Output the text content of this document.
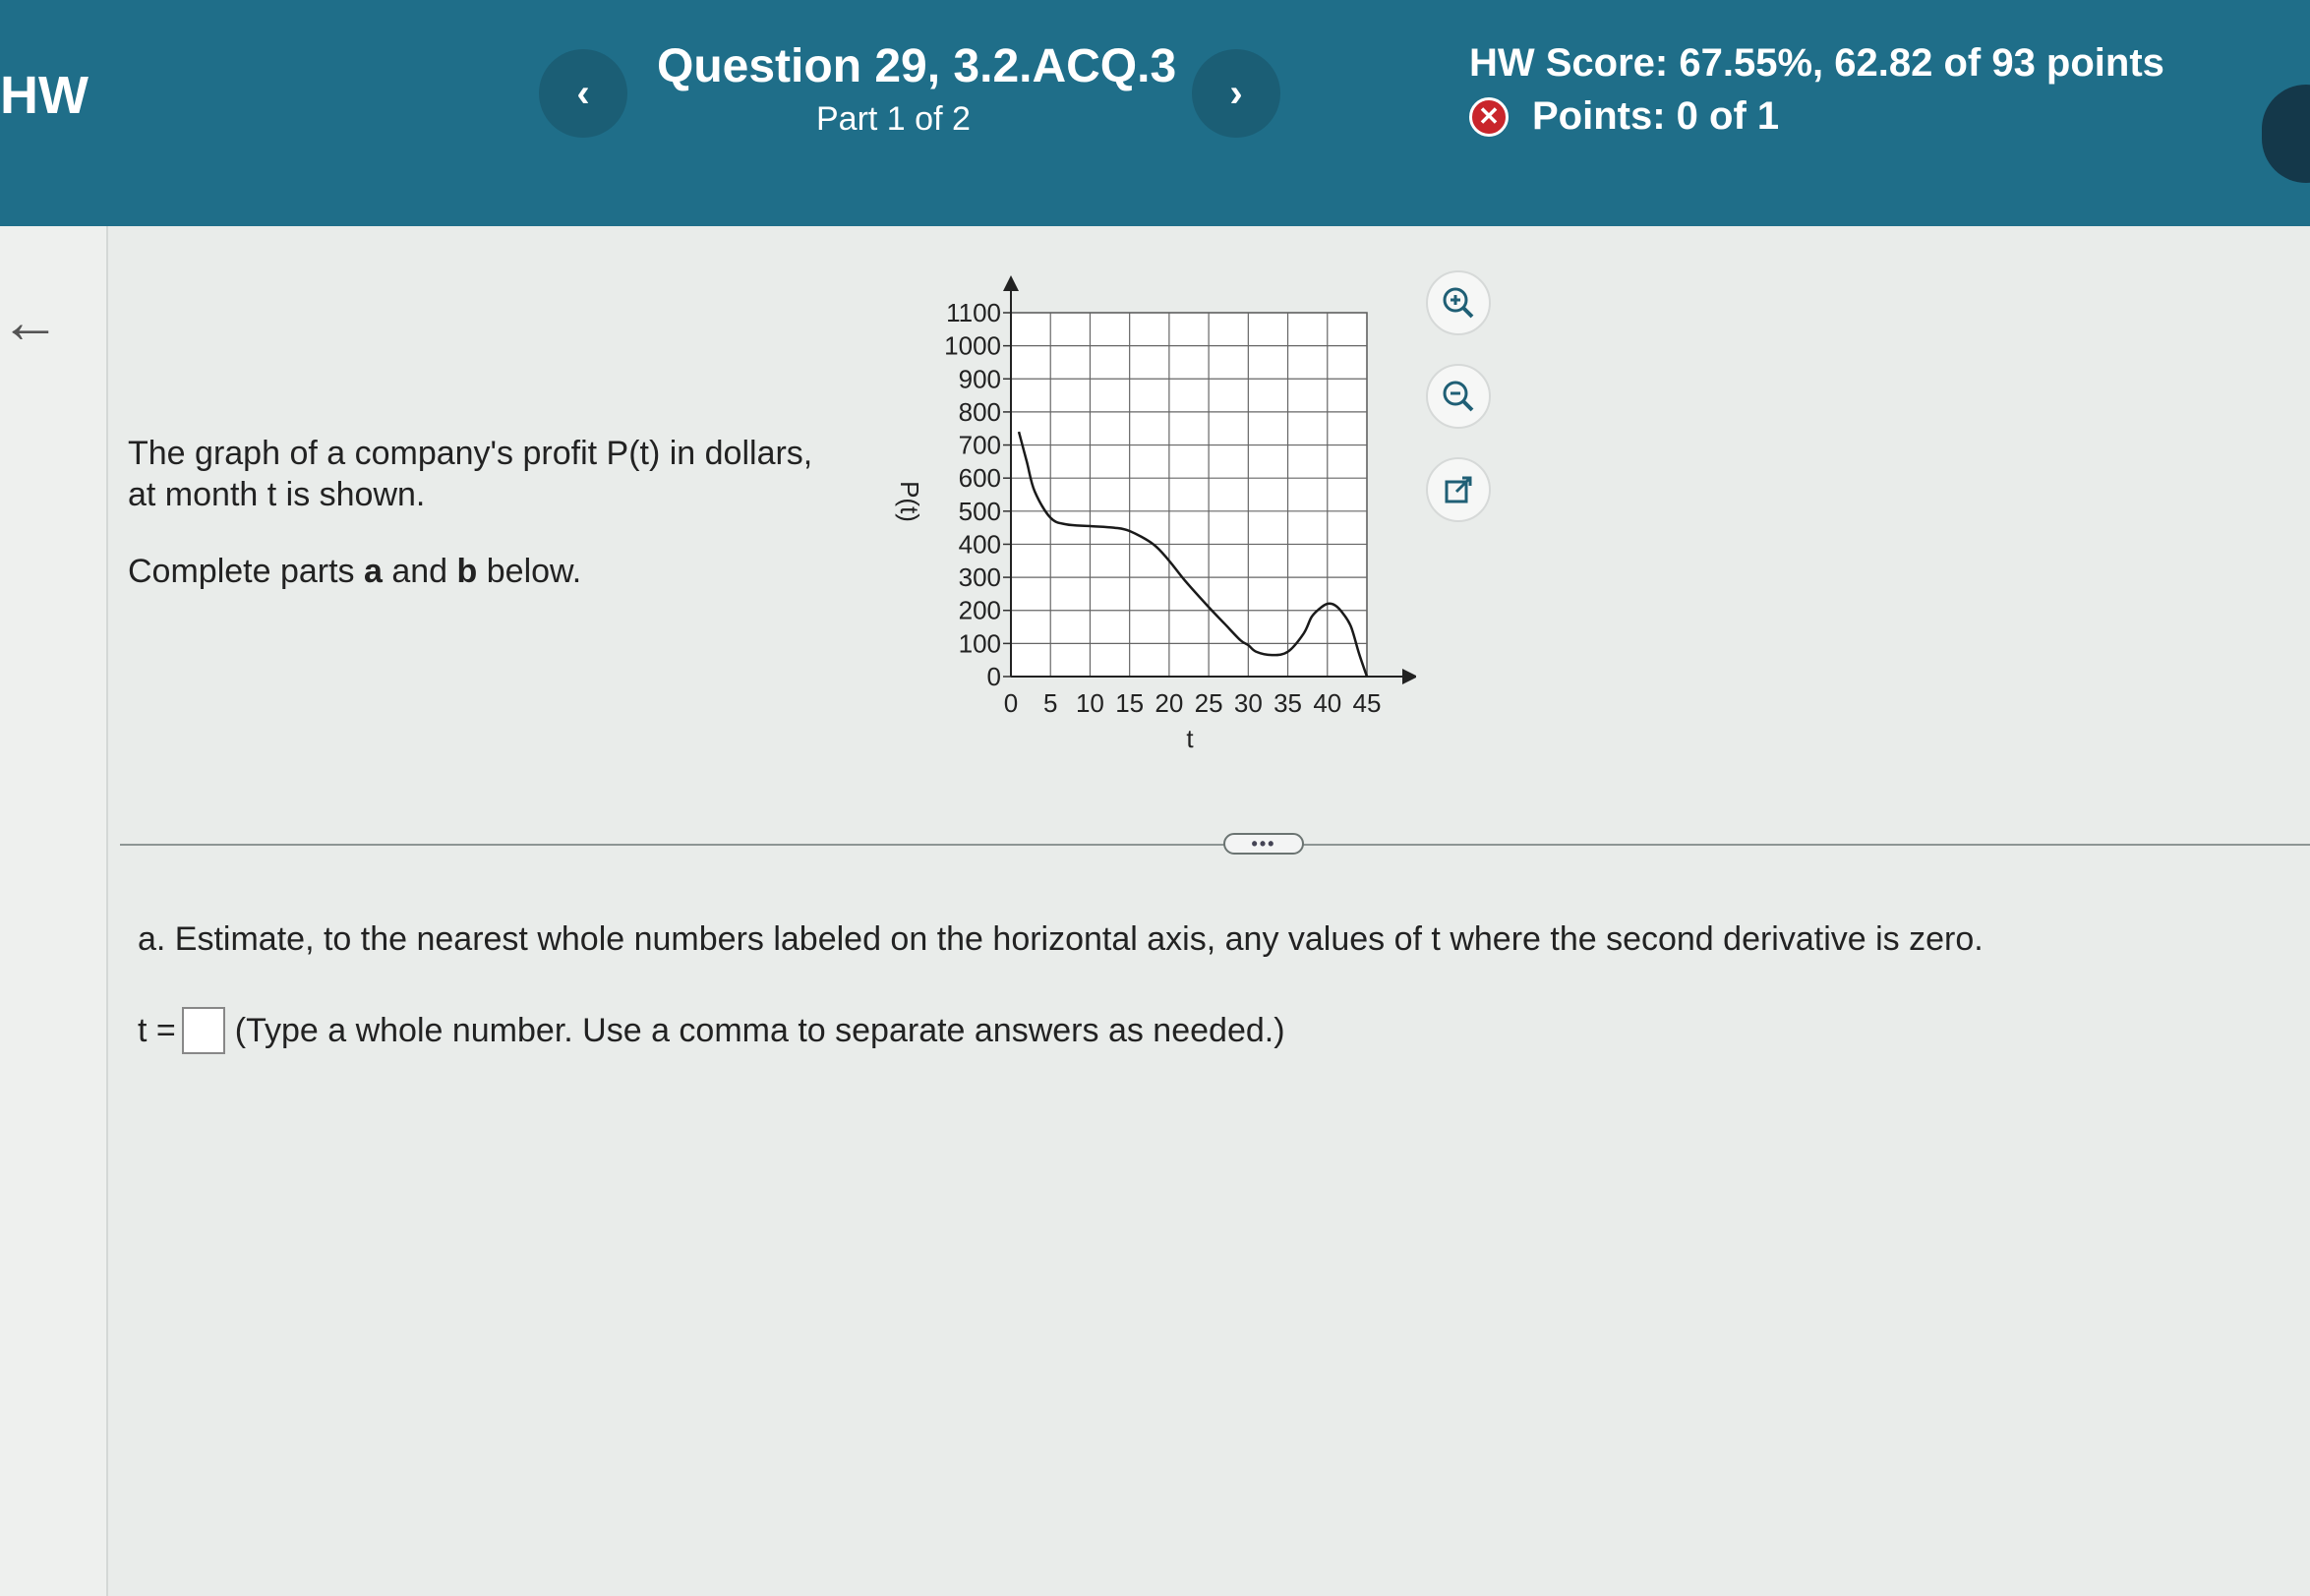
HW	‹
Question 29, 3.2.ACQ.3
Part 1 of 2
›
HW Score: 67.55%, 62.82 of 93 points
✕ Points: 0 of 1
←
The graph of a company's profit P(t) in dollars,
at month t is shown.
Complete parts a and b below.
0 5 10 15 20 25 30 35 40 45
0
100
200
300
400
500
600
700
800
900
1000
1100
P(t)
t
•••
a. Estimate, to the nearest whole numbers labeled on the horizontal axis, any values of t where the second derivative is zero.
t = (Type a whole number. Use a comma to separate answers as needed.)
